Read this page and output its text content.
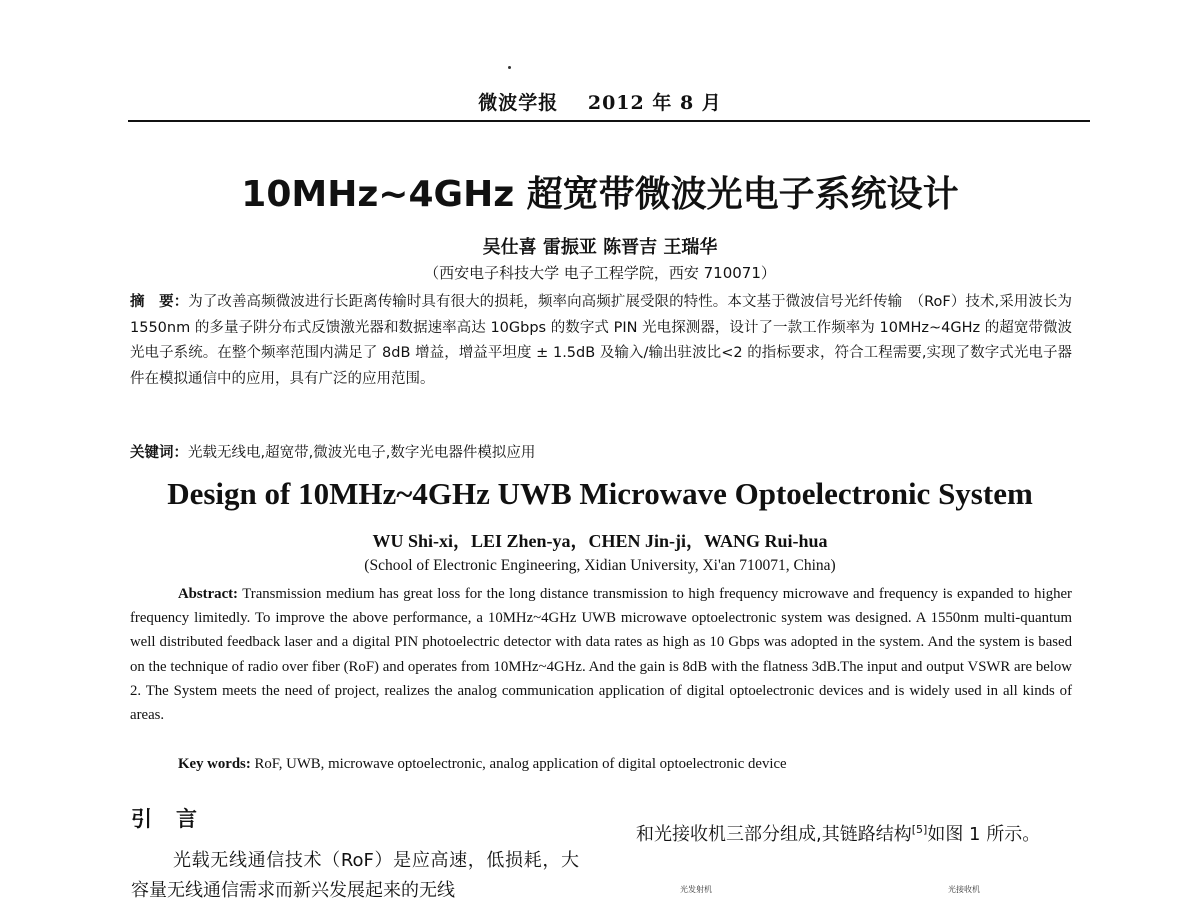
微波学报 2012 年 8 月
10MHz~4GHz 超宽带微波光电子系统设计
吴仕喜 雷振亚 陈晋吉 王瑞华
（西安电子科技大学 电子工程学院，西安 710071）
摘　要：为了改善高频微波进行长距离传输时具有很大的损耗，频率向高频扩展受限的特性。本文基于微波信号光纤传输　（RoF）技术,采用波长为 1550nm 的多量子阱分布式反馈激光器和数据速率高达 10Gbps 的数字式 PIN 光电探测器，设计了一款工作频率为 10MHz~4GHz 的超宽带微波光电子系统。在整个频率范围内满足了 8dB 增益，增益平坦度 ± 1.5dB 及输入/输出驻波比<2 的指标要求，符合工程需要,实现了数字式光电子器件在模拟通信中的应用，具有广泛的应用范围。
关键词：光载无线电,超宽带,微波光电子,数字光电器件模拟应用
Design of 10MHz~4GHz UWB Microwave Optoelectronic System
WU Shi-xi，LEI Zhen-ya，CHEN Jin-ji，WANG Rui-hua
(School of Electronic Engineering, Xidian University, Xi'an 710071, China)
Abstract: Transmission medium has great loss for the long distance transmission to high frequency microwave and frequency is expanded to higher frequency limitedly. To improve the above performance, a 10MHz~4GHz UWB microwave optoelectronic system was designed. A 1550nm multi-quantum well distributed feedback laser and a digital PIN photoelectric detector with data rates as high as 10 Gbps was adopted in the system. And the system is based on the technique of radio over fiber (RoF) and operates from 10MHz~4GHz. And the gain is 8dB with the flatness 3dB.The input and output VSWR are below 2. The System meets the need of project, realizes the analog communication application of digital optoelectronic devices and is widely used in all kinds of areas.
Key words: RoF, UWB, microwave optoelectronic, analog application of digital optoelectronic device
引 言
光载无线通信技术（RoF）是应高速，低损耗，大容量无线通信需求而新兴发展起来的无线
和光接收机三部分组成,其链路结构[5]如图 1 所示。
光发射机	光接收机
